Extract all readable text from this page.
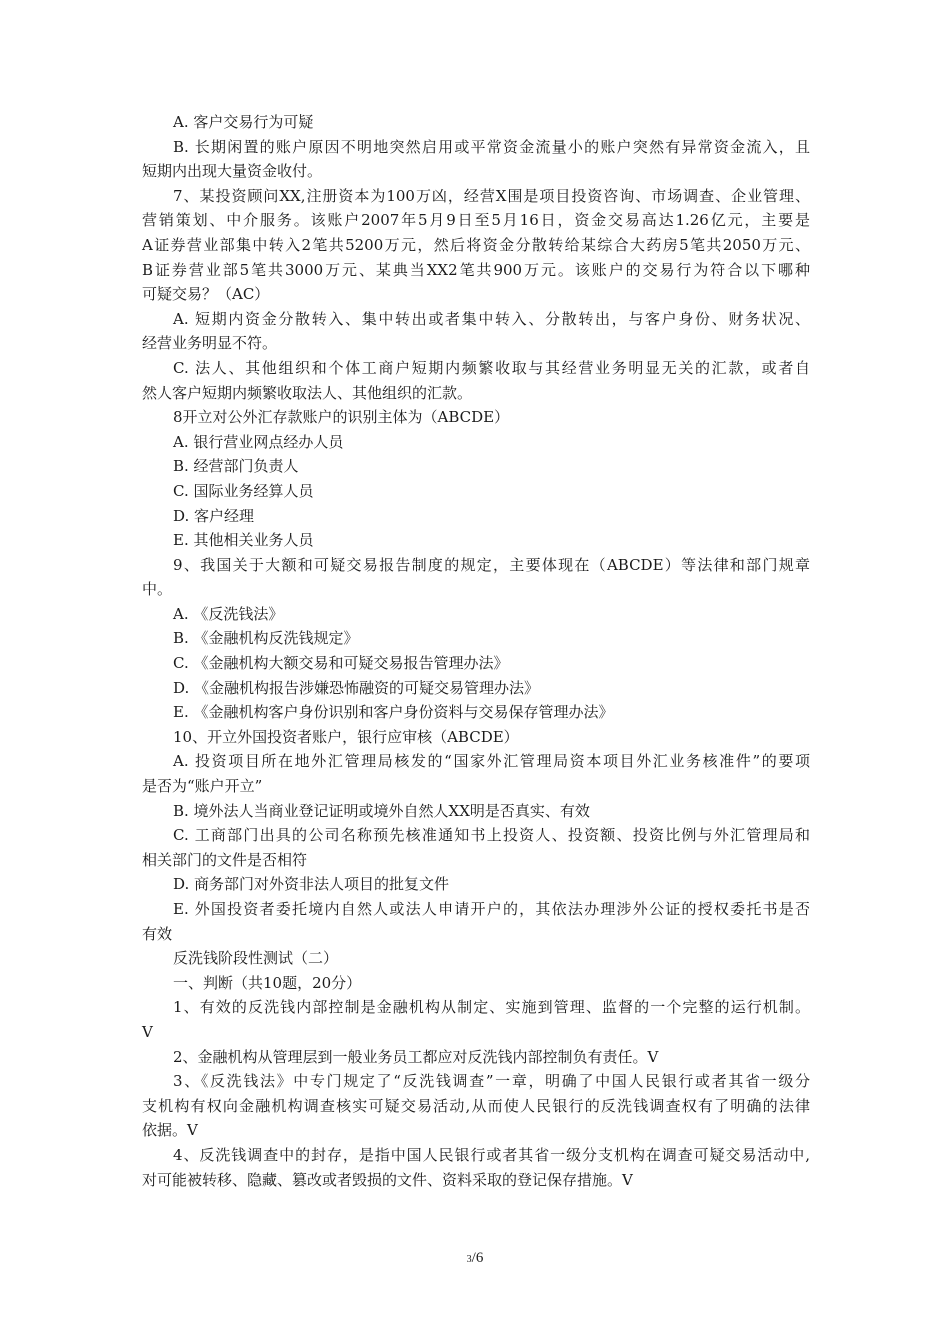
A. 客户交易行为可疑
B. 长期闲置的账户原因不明地突然启用或平常资金流量小的账户突然有异常资金流入，且
短期内出现大量资金收付。
7、某投资顾问XX,注册资本为100万凶，经营X围是项目投资咨询、市场调查、企业管理、
营销策划、中介服务。该账户2007年5月9日至5月16日，资金交易高达1.26亿元，主要是
A证券营业部集中转入2笔共5200万元，然后将资金分散转给某综合大药房5笔共2050万元、
B证券营业部5笔共3000万元、某典当XX2笔共900万元。该账户的交易行为符合以下哪种
可疑交易？（AC）
A. 短期内资金分散转入、集中转出或者集中转入、分散转出，与客户身份、财务状况、
经营业务明显不符。
C. 法人、其他组织和个体工商户短期内频繁收取与其经营业务明显无关的汇款，或者自
然人客户短期内频繁收取法人、其他组织的汇款。
8开立对公外汇存款账户的识别主体为（ABCDE）
A. 银行营业网点经办人员
B. 经营部门负责人
C. 国际业务经算人员
D. 客户经理
E. 其他相关业务人员
9、我国关于大额和可疑交易报告制度的规定，主要体现在（ABCDE）等法律和部门规章
中。
A. 《反洗钱法》
B. 《金融机构反洗钱规定》
C. 《金融机构大额交易和可疑交易报告管理办法》
D. 《金融机构报告涉嫌恐怖融资的可疑交易管理办法》
E. 《金融机构客户身份识别和客户身份资料与交易保存管理办法》
10、开立外国投资者账户，银行应审核（ABCDE）
A. 投资项目所在地外汇管理局核发的“国家外汇管理局资本项目外汇业务核准件”的要项
是否为“账户开立”
B. 境外法人当商业登记证明或境外自然人XX明是否真实、有效
C. 工商部门出具的公司名称预先核准通知书上投资人、投资额、投资比例与外汇管理局和
相关部门的文件是否相符
D. 商务部门对外资非法人项目的批复文件
E. 外国投资者委托境内自然人或法人申请开户的，其依法办理涉外公证的授权委托书是否
有效
反洗钱阶段性测试（二）
一、判断（共10题，20分）
1、有效的反洗钱内部控制是金融机构从制定、实施到管理、监督的一个完整的运行机制。
V
2、金融机构从管理层到一般业务员工都应对反洗钱内部控制负有责任。V
3、《反洗钱法》中专门规定了“反洗钱调查”一章，明确了中国人民银行或者其省一级分
支机构有权向金融机构调查核实可疑交易活动,从而使人民银行的反洗钱调查权有了明确的法律
依据。V
4、反洗钱调查中的封存，是指中国人民银行或者其省一级分支机构在调查可疑交易活动中,
对可能被转移、隐藏、篡改或者毁损的文件、资料采取的登记保存措施。V
3/6
